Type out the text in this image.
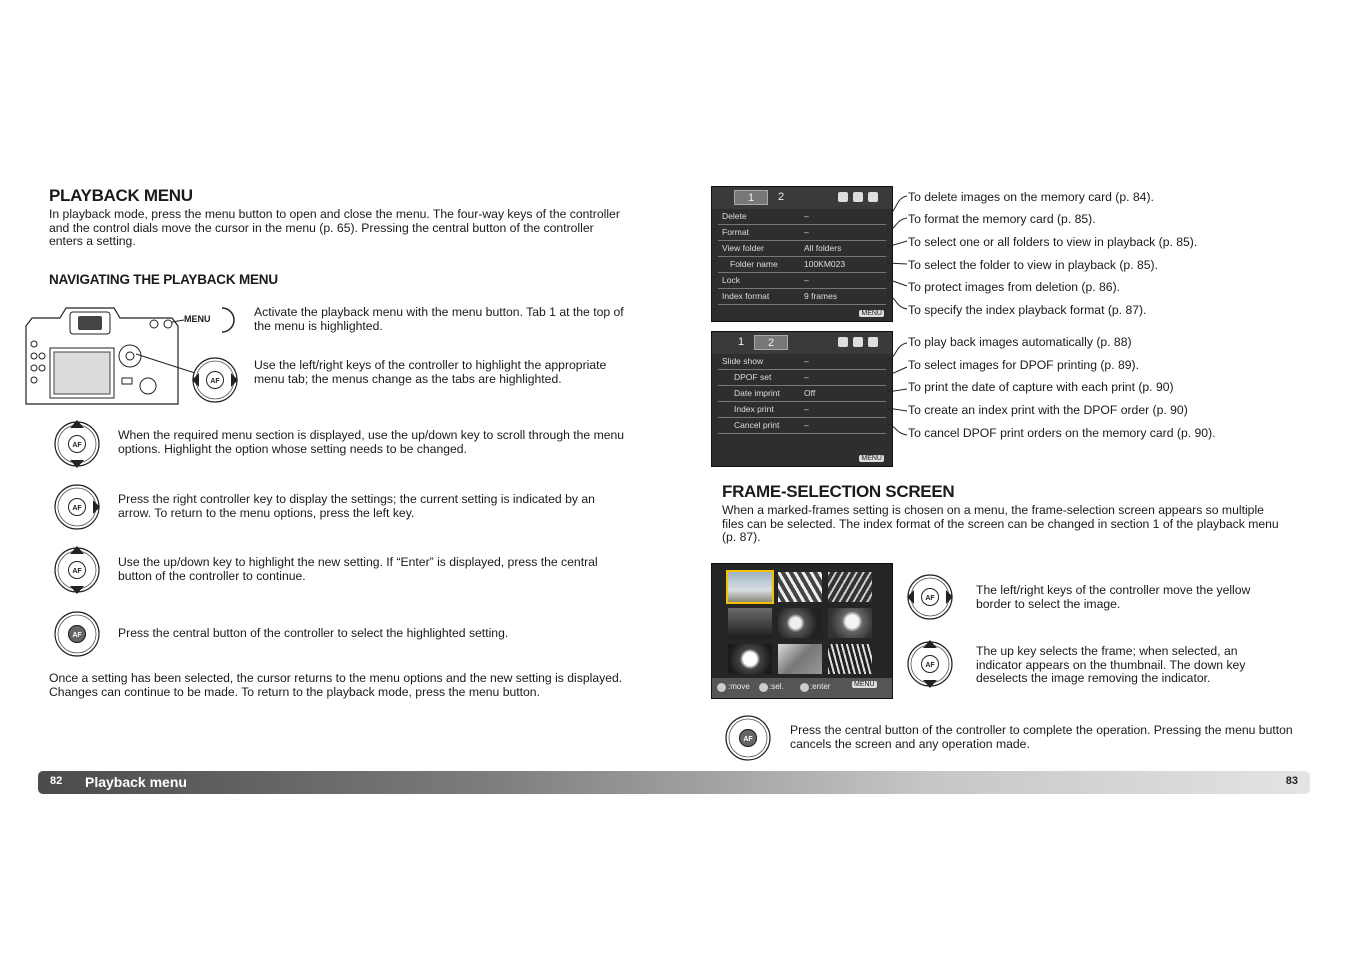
PLAYBACK MENU
In playback mode, press the menu button to open and close the menu. The four-way keys of the controller and the control dials move the cursor in the menu (p. 65). Pressing the central button of the controller enters a setting.
NAVIGATING THE PLAYBACK MENU
MENU	Activate the playback menu with the menu button. Tab 1 at the top of the menu is highlighted.
Use the left/right keys of the controller to highlight the appropriate menu tab; the menus change as the tabs are highlighted.
When the required menu section is displayed, use the up/down key to scroll through the menu options. Highlight the option whose setting needs to be changed.
Press the right controller key to display the settings; the current setting is indicated by an arrow. To return to the menu options, press the left key.
Use the up/down key to highlight the new setting. If “Enter” is displayed, press the central button of the controller to continue.
AF	Press the central button of the controller to select the highlighted setting.
Once a setting has been selected, the cursor returns to the menu options and the new setting is displayed. Changes can continue to be made. To return to the playback mode, press the menu button.
1	2
Delete	–
Format	–
View folder	All folders
Folder name	100KM023
Lock	–
Index format	9 frames
MENU
To delete images on the memory card (p. 84).
To format the memory card (p. 85).
To select one or all folders to view in playback (p. 85).
To select the folder to view in playback (p. 85).
To protect images from deletion (p. 86).
To specify the index playback format (p. 87).
1	2
Slide show	–
DPOF set	–
Date imprint	Off
Index print	–
Cancel print	–
MENU
To play back images automatically (p. 88)
To select images for DPOF printing (p. 89).
To print the date of capture with each print (p. 90)
To create an index print with the DPOF order (p. 90)
To cancel DPOF print orders on the memory card (p. 90).
FRAME-SELECTION SCREEN
When a marked-frames setting is chosen on a menu, the frame-selection screen appears so multiple files can be selected. The index format of the screen can be changed in section 1 of the playback menu (p. 87).
:move :sel.	:enter	MENU
The left/right keys of the controller move the yellow border to select the image.
The up key selects the frame; when selected, an indicator appears on the thumbnail. The down key deselects the image removing the indicator.
AF
Press the central button of the controller to complete the operation. Pressing the menu button cancels the screen and any operation made.
82 Playback menu	83
